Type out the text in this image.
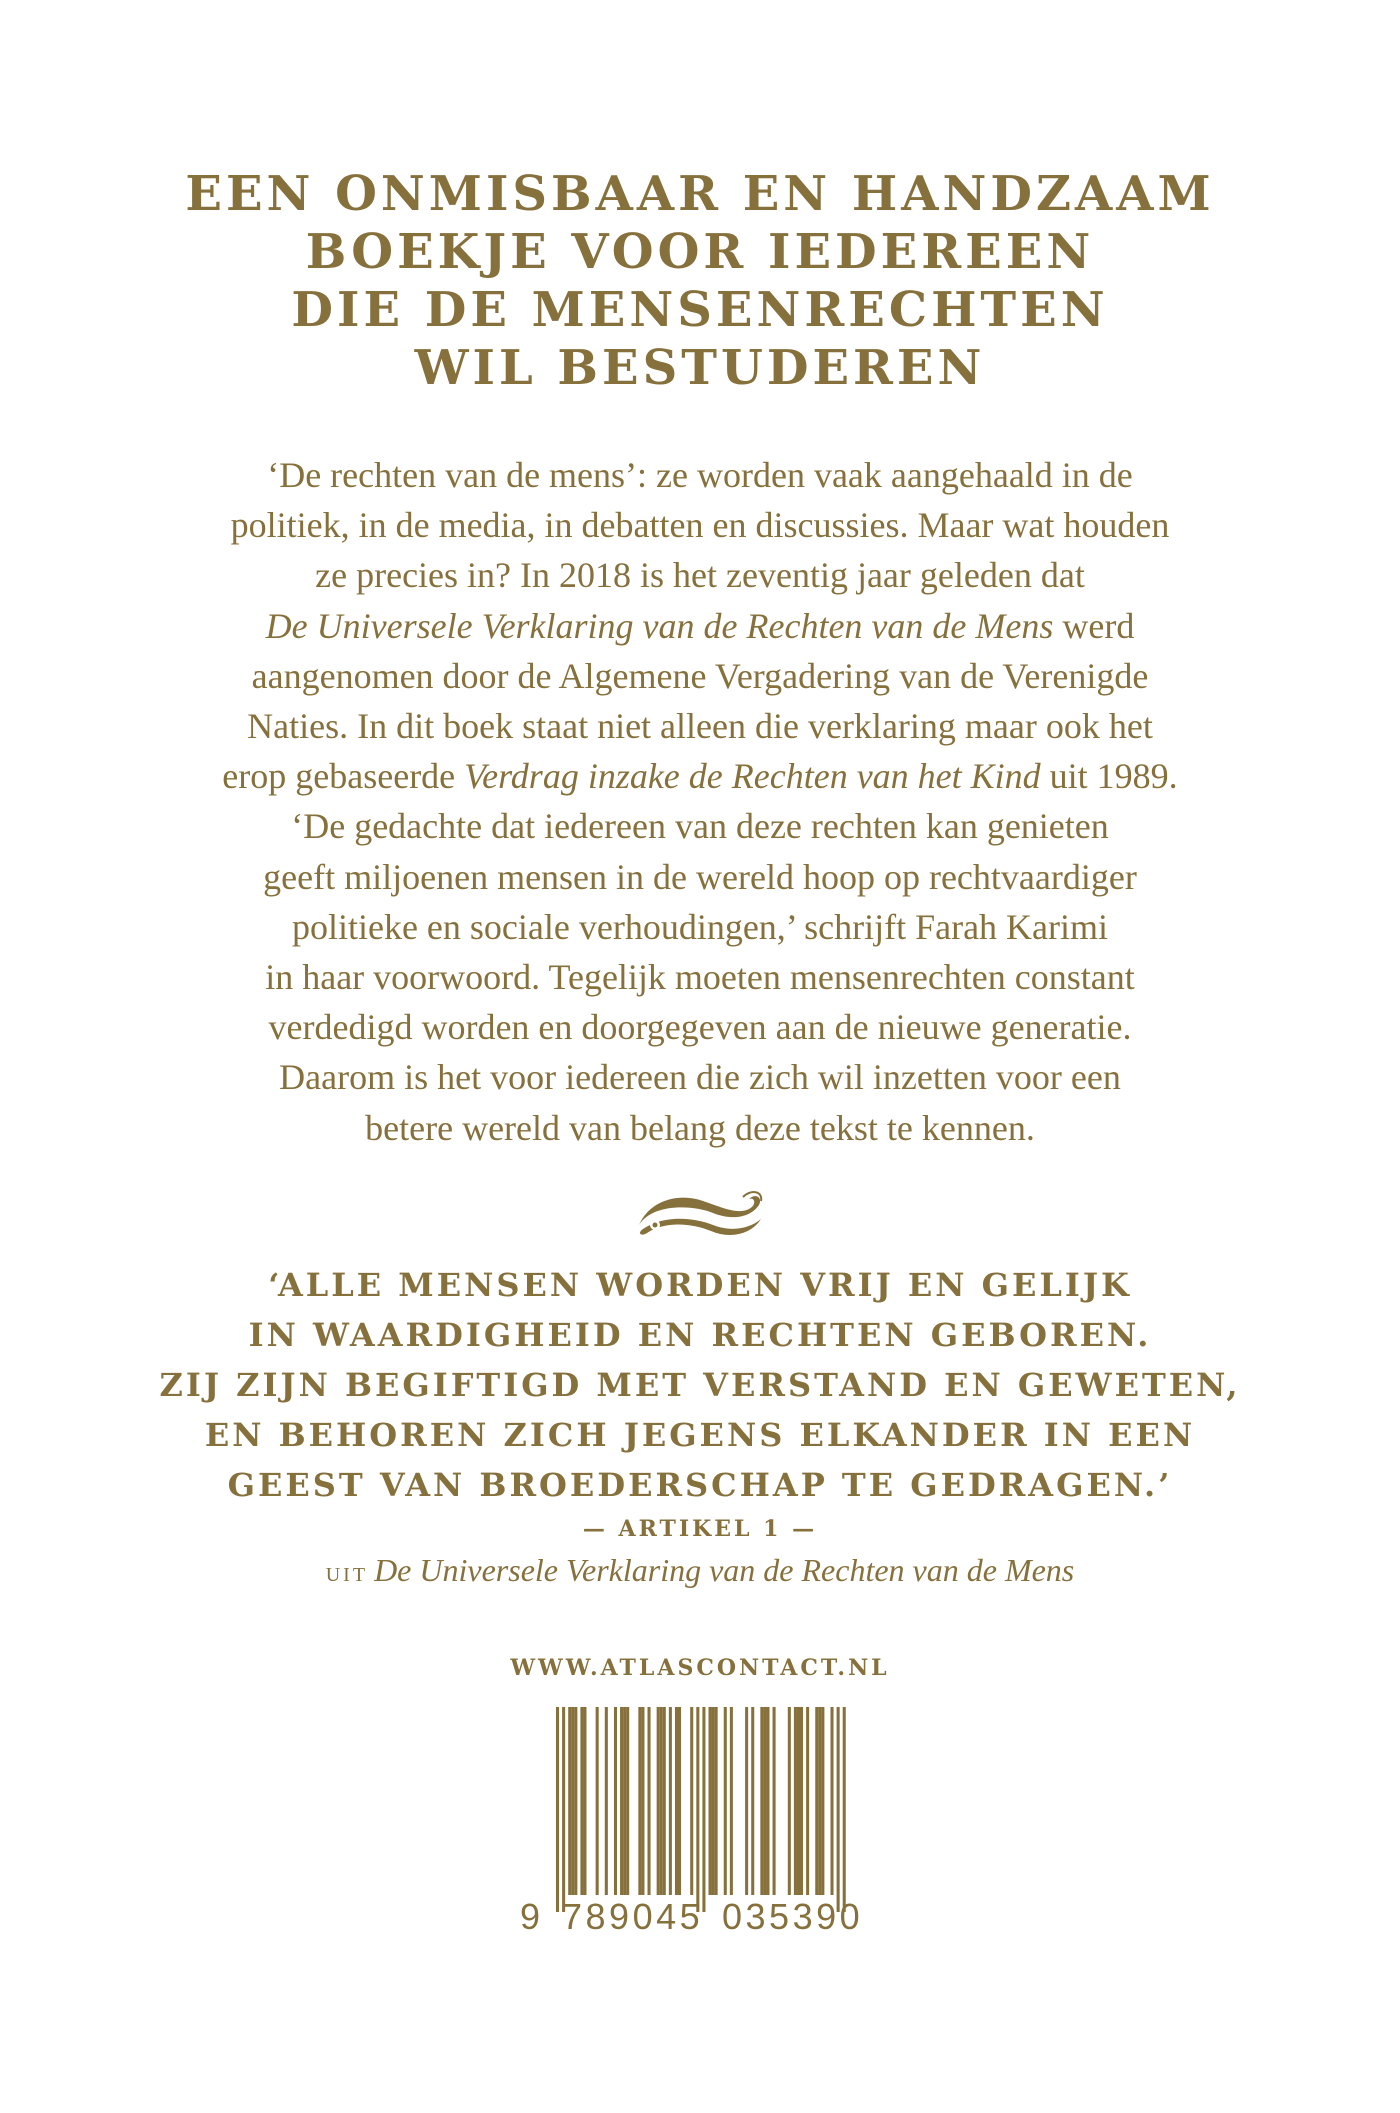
EEN ONMISBAAR EN HANDZAAM
BOEKJE VOOR IEDEREEN
DIE DE MENSENRECHTEN
WIL BESTUDEREN
‘De rechten van de mens’: ze worden vaak aangehaald in de
politiek, in de media, in debatten en discussies. Maar wat houden
ze precies in? In 2018 is het zeventig jaar geleden dat
De Universele Verklaring van de Rechten van de Mens werd
aangenomen door de Algemene Vergadering van de Verenigde
Naties. In dit boek staat niet alleen die verklaring maar ook het
erop gebaseerde Verdrag inzake de Rechten van het Kind uit 1989.
‘De gedachte dat iedereen van deze rechten kan genieten
geeft miljoenen mensen in de wereld hoop op rechtvaardiger
politieke en sociale verhoudingen,’ schrijft Farah Karimi
in haar voorwoord. Tegelijk moeten mensenrechten constant
verdedigd worden en doorgegeven aan de nieuwe generatie.
Daarom is het voor iedereen die zich wil inzetten voor een
betere wereld van belang deze tekst te kennen.
‘ALLE MENSEN WORDEN VRIJ EN GELIJK
IN WAARDIGHEID EN RECHTEN GEBOREN.
ZIJ ZIJN BEGIFTIGD MET VERSTAND EN GEWETEN,
EN BEHOREN ZICH JEGENS ELKANDER IN EEN
GEEST VAN BROEDERSCHAP TE GEDRAGEN.’
— ARTIKEL 1 —
UIT De Universele Verklaring van de Rechten van de Mens
WWW.ATLASCONTACT.NL
9 789045 035390
